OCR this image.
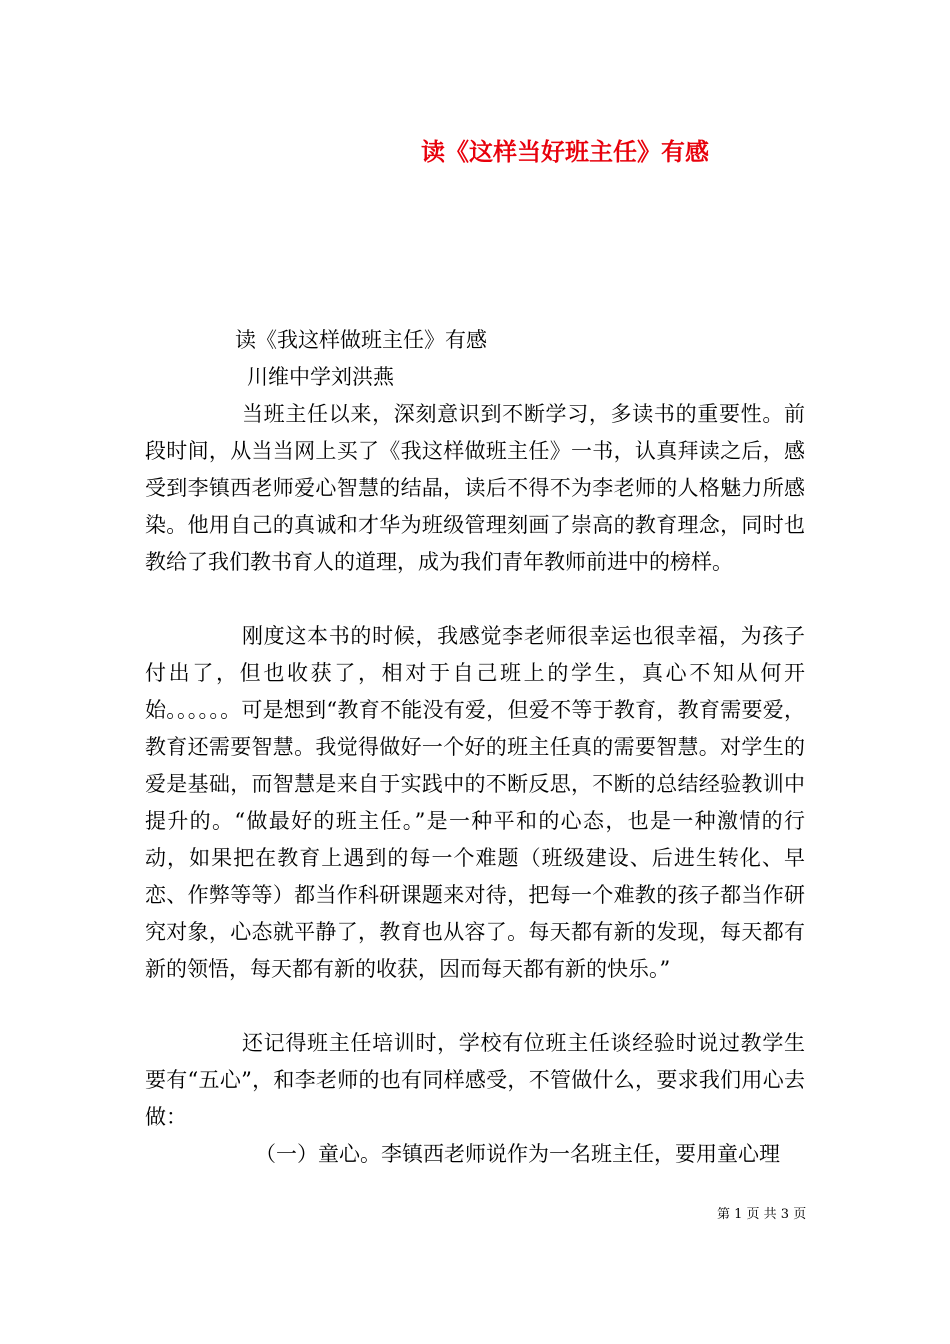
读《这样当好班主任》有感
读《我这样做班主任》有感
川维中学刘洪燕
当班主任以来，深刻意识到不断学习，多读书的重要性。前段时间，从当当网上买了《我这样做班主任》一书，认真拜读之后，感受到李镇西老师爱心智慧的结晶，读后不得不为李老师的人格魅力所感染。他用自己的真诚和才华为班级管理刻画了崇高的教育理念，同时也教给了我们教书育人的道理，成为我们青年教师前进中的榜样。
刚度这本书的时候，我感觉李老师很幸运也很幸福，为孩子付出了，但也收获了，相对于自己班上的学生，真心不知从何开始。。。。。。可是想到“教育不能没有爱，但爱不等于教育，教育需要爱，教育还需要智慧。我觉得做好一个好的班主任真的需要智慧。对学生的爱是基础，而智慧是来自于实践中的不断反思，不断的总结经验教训中提升的。“做最好的班主任。”是一种平和的心态，也是一种激情的行动，如果把在教育上遇到的每一个难题（班级建设、后进生转化、早恋、作弊等等）都当作科研课题来对待，把每一个难教的孩子都当作研究对象，心态就平静了，教育也从容了。每天都有新的发现，每天都有新的领悟，每天都有新的收获，因而每天都有新的快乐。”
还记得班主任培训时，学校有位班主任谈经验时说过教学生要有“五心”，和李老师的也有同样感受，不管做什么，要求我们用心去做：
（一）童心。李镇西老师说作为一名班主任，要用童心理
第 1 页 共 3 页
